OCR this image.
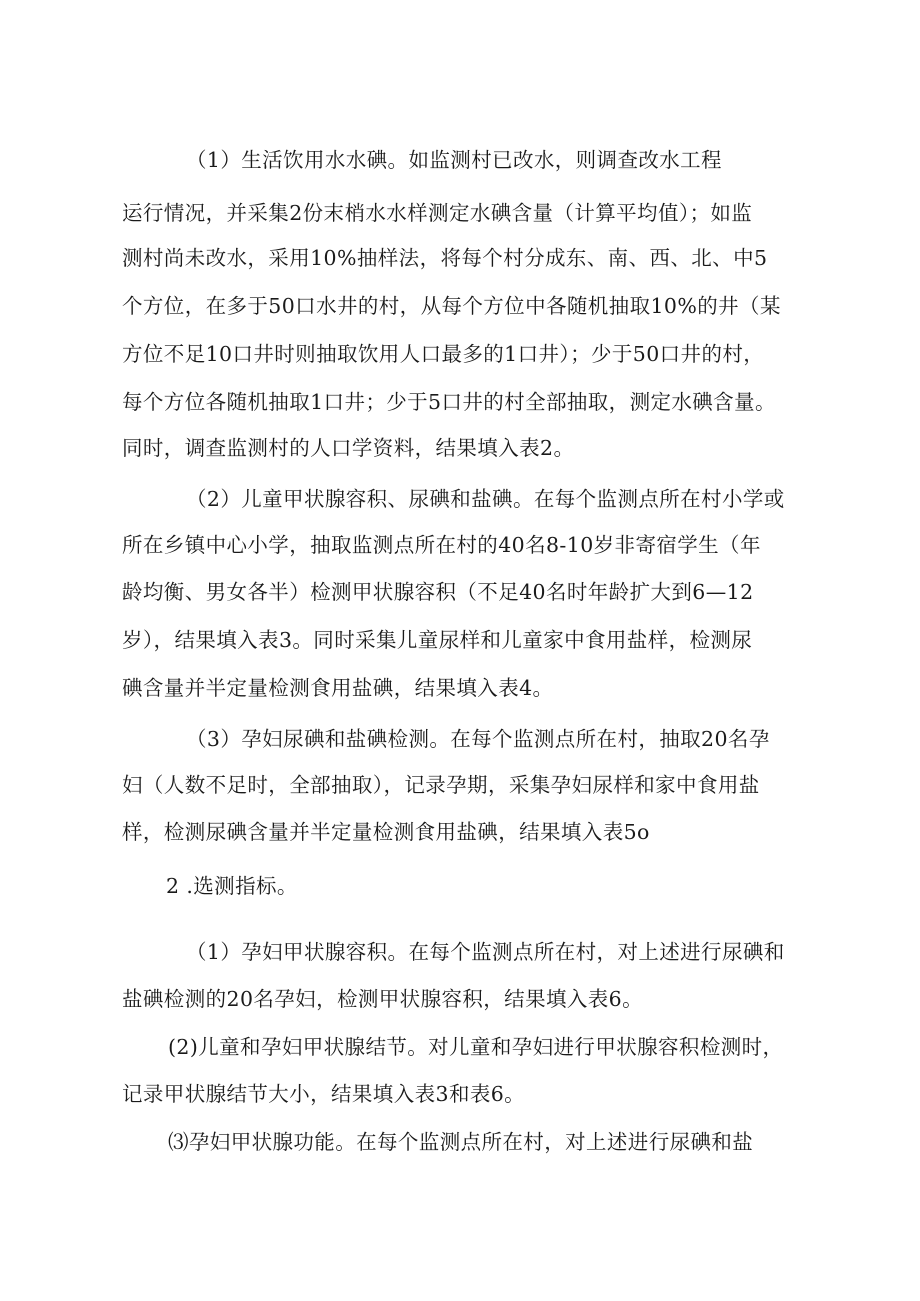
（1）生活饮用水水碘。如监测村已改水，则调查改水工程

运行情况，并采集2份末梢水水样测定水碘含量（计算平均值）；如监

测村尚未改水，采用10%抽样法，将每个村分成东、南、西、北、中5

个方位，在多于50口水井的村，从每个方位中各随机抽取10%的井（某

方位不足10口井时则抽取饮用人口最多的1口井）；少于50口井的村，

每个方位各随机抽取1口井；少于5口井的村全部抽取，测定水碘含量。

同时，调查监测村的人口学资料，结果填入表2。

（2）儿童甲状腺容积、尿碘和盐碘。在每个监测点所在村小学或

所在乡镇中心小学，抽取监测点所在村的40名8-10岁非寄宿学生（年

龄均衡、男女各半）检测甲状腺容积（不足40名时年龄扩大到6—12

岁），结果填入表3。同时采集儿童尿样和儿童家中食用盐样，检测尿

碘含量并半定量检测食用盐碘，结果填入表4。

（3）孕妇尿碘和盐碘检测。在每个监测点所在村，抽取20名孕

妇（人数不足时，全部抽取），记录孕期，采集孕妇尿样和家中食用盐

样，检测尿碘含量并半定量检测食用盐碘，结果填入表5o

2 .选测指标。

（1）孕妇甲状腺容积。在每个监测点所在村，对上述进行尿碘和

盐碘检测的20名孕妇，检测甲状腺容积，结果填入表6。

(2)儿童和孕妇甲状腺结节。对儿童和孕妇进行甲状腺容积检测时，

记录甲状腺结节大小，结果填入表3和表6。

⑶孕妇甲状腺功能。在每个监测点所在村，对上述进行尿碘和盐
